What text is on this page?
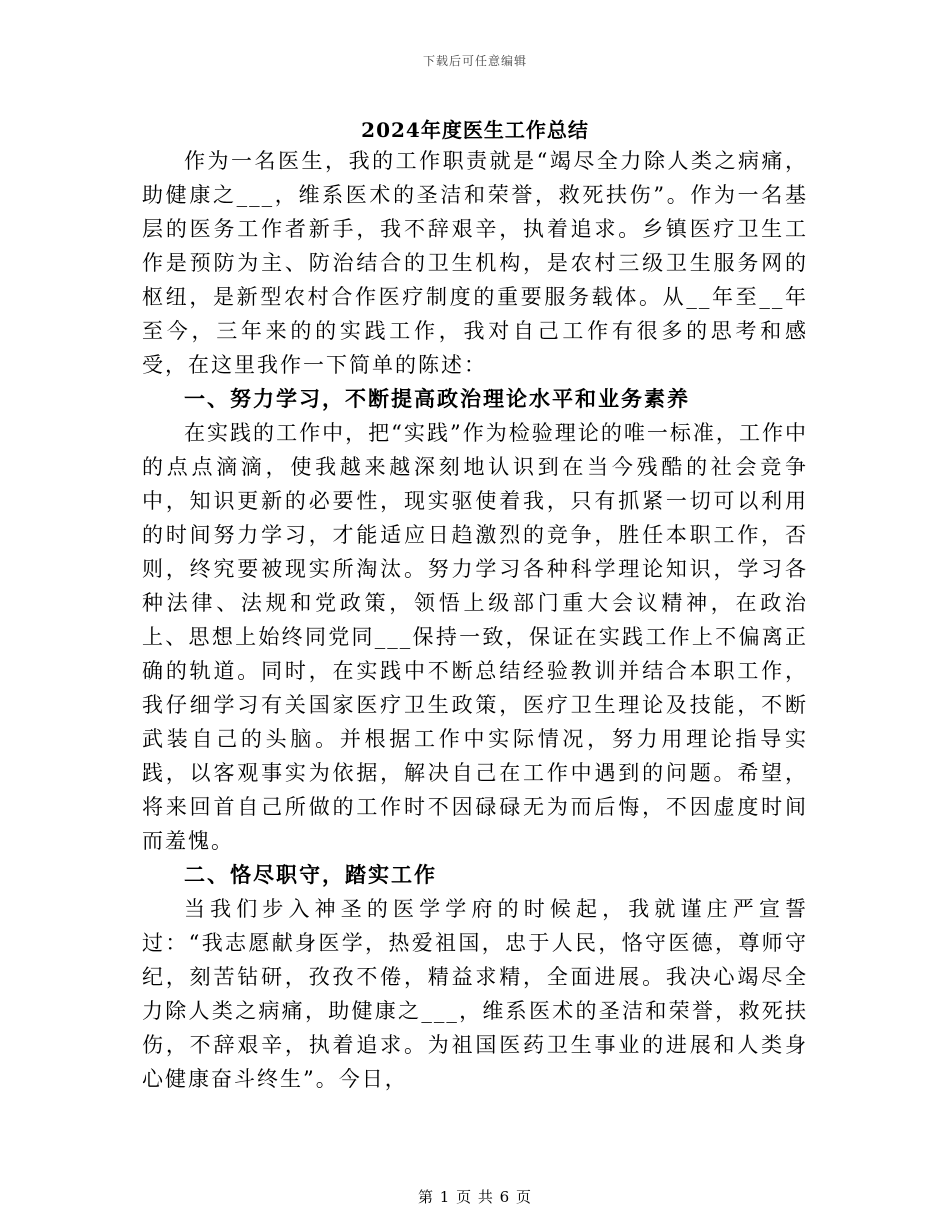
下载后可任意编辑
2024年度医生工作总结

作为一名医生，我的工作职责就是“竭尽全力除人类之病痛，助健康之___，维系医术的圣洁和荣誉，救死扶伤”。作为一名基层的医务工作者新手，我不辞艰辛，执着追求。乡镇医疗卫生工作是预防为主、防治结合的卫生机构，是农村三级卫生服务网的枢纽，是新型农村合作医疗制度的重要服务载体。从__年至__年至今，三年来的的实践工作，我对自己工作有很多的思考和感受，在这里我作一下简单的陈述：

一、努力学习，不断提高政治理论水平和业务素养

在实践的工作中，把“实践”作为检验理论的唯一标准，工作中的点点滴滴，使我越来越深刻地认识到在当今残酷的社会竞争中，知识更新的必要性，现实驱使着我，只有抓紧一切可以利用的时间努力学习，才能适应日趋激烈的竞争，胜任本职工作，否则，终究要被现实所淘汰。努力学习各种科学理论知识，学习各种法律、法规和党政策，领悟上级部门重大会议精神，在政治上、思想上始终同党同___保持一致，保证在实践工作上不偏离正确的轨道。同时，在实践中不断总结经验教训并结合本职工作，我仔细学习有关国家医疗卫生政策，医疗卫生理论及技能，不断武装自己的头脑。并根据工作中实际情况，努力用理论指导实践，以客观事实为依据，解决自己在工作中遇到的问题。希望，将来回首自己所做的工作时不因碌碌无为而后悔，不因虚度时间而羞愧。

二、恪尽职守，踏实工作

当我们步入神圣的医学学府的时候起，我就谨庄严宣誓过：“我志愿献身医学，热爱祖国，忠于人民，恪守医德，尊师守纪，刻苦钻研，孜孜不倦，精益求精，全面进展。我决心竭尽全力除人类之病痛，助健康之___，维系医术的圣洁和荣誉，救死扶伤，不辞艰辛，执着追求。为祖国医药卫生事业的进展和人类身心健康奋斗终生”。今日，

第 1 页 共 6 页
